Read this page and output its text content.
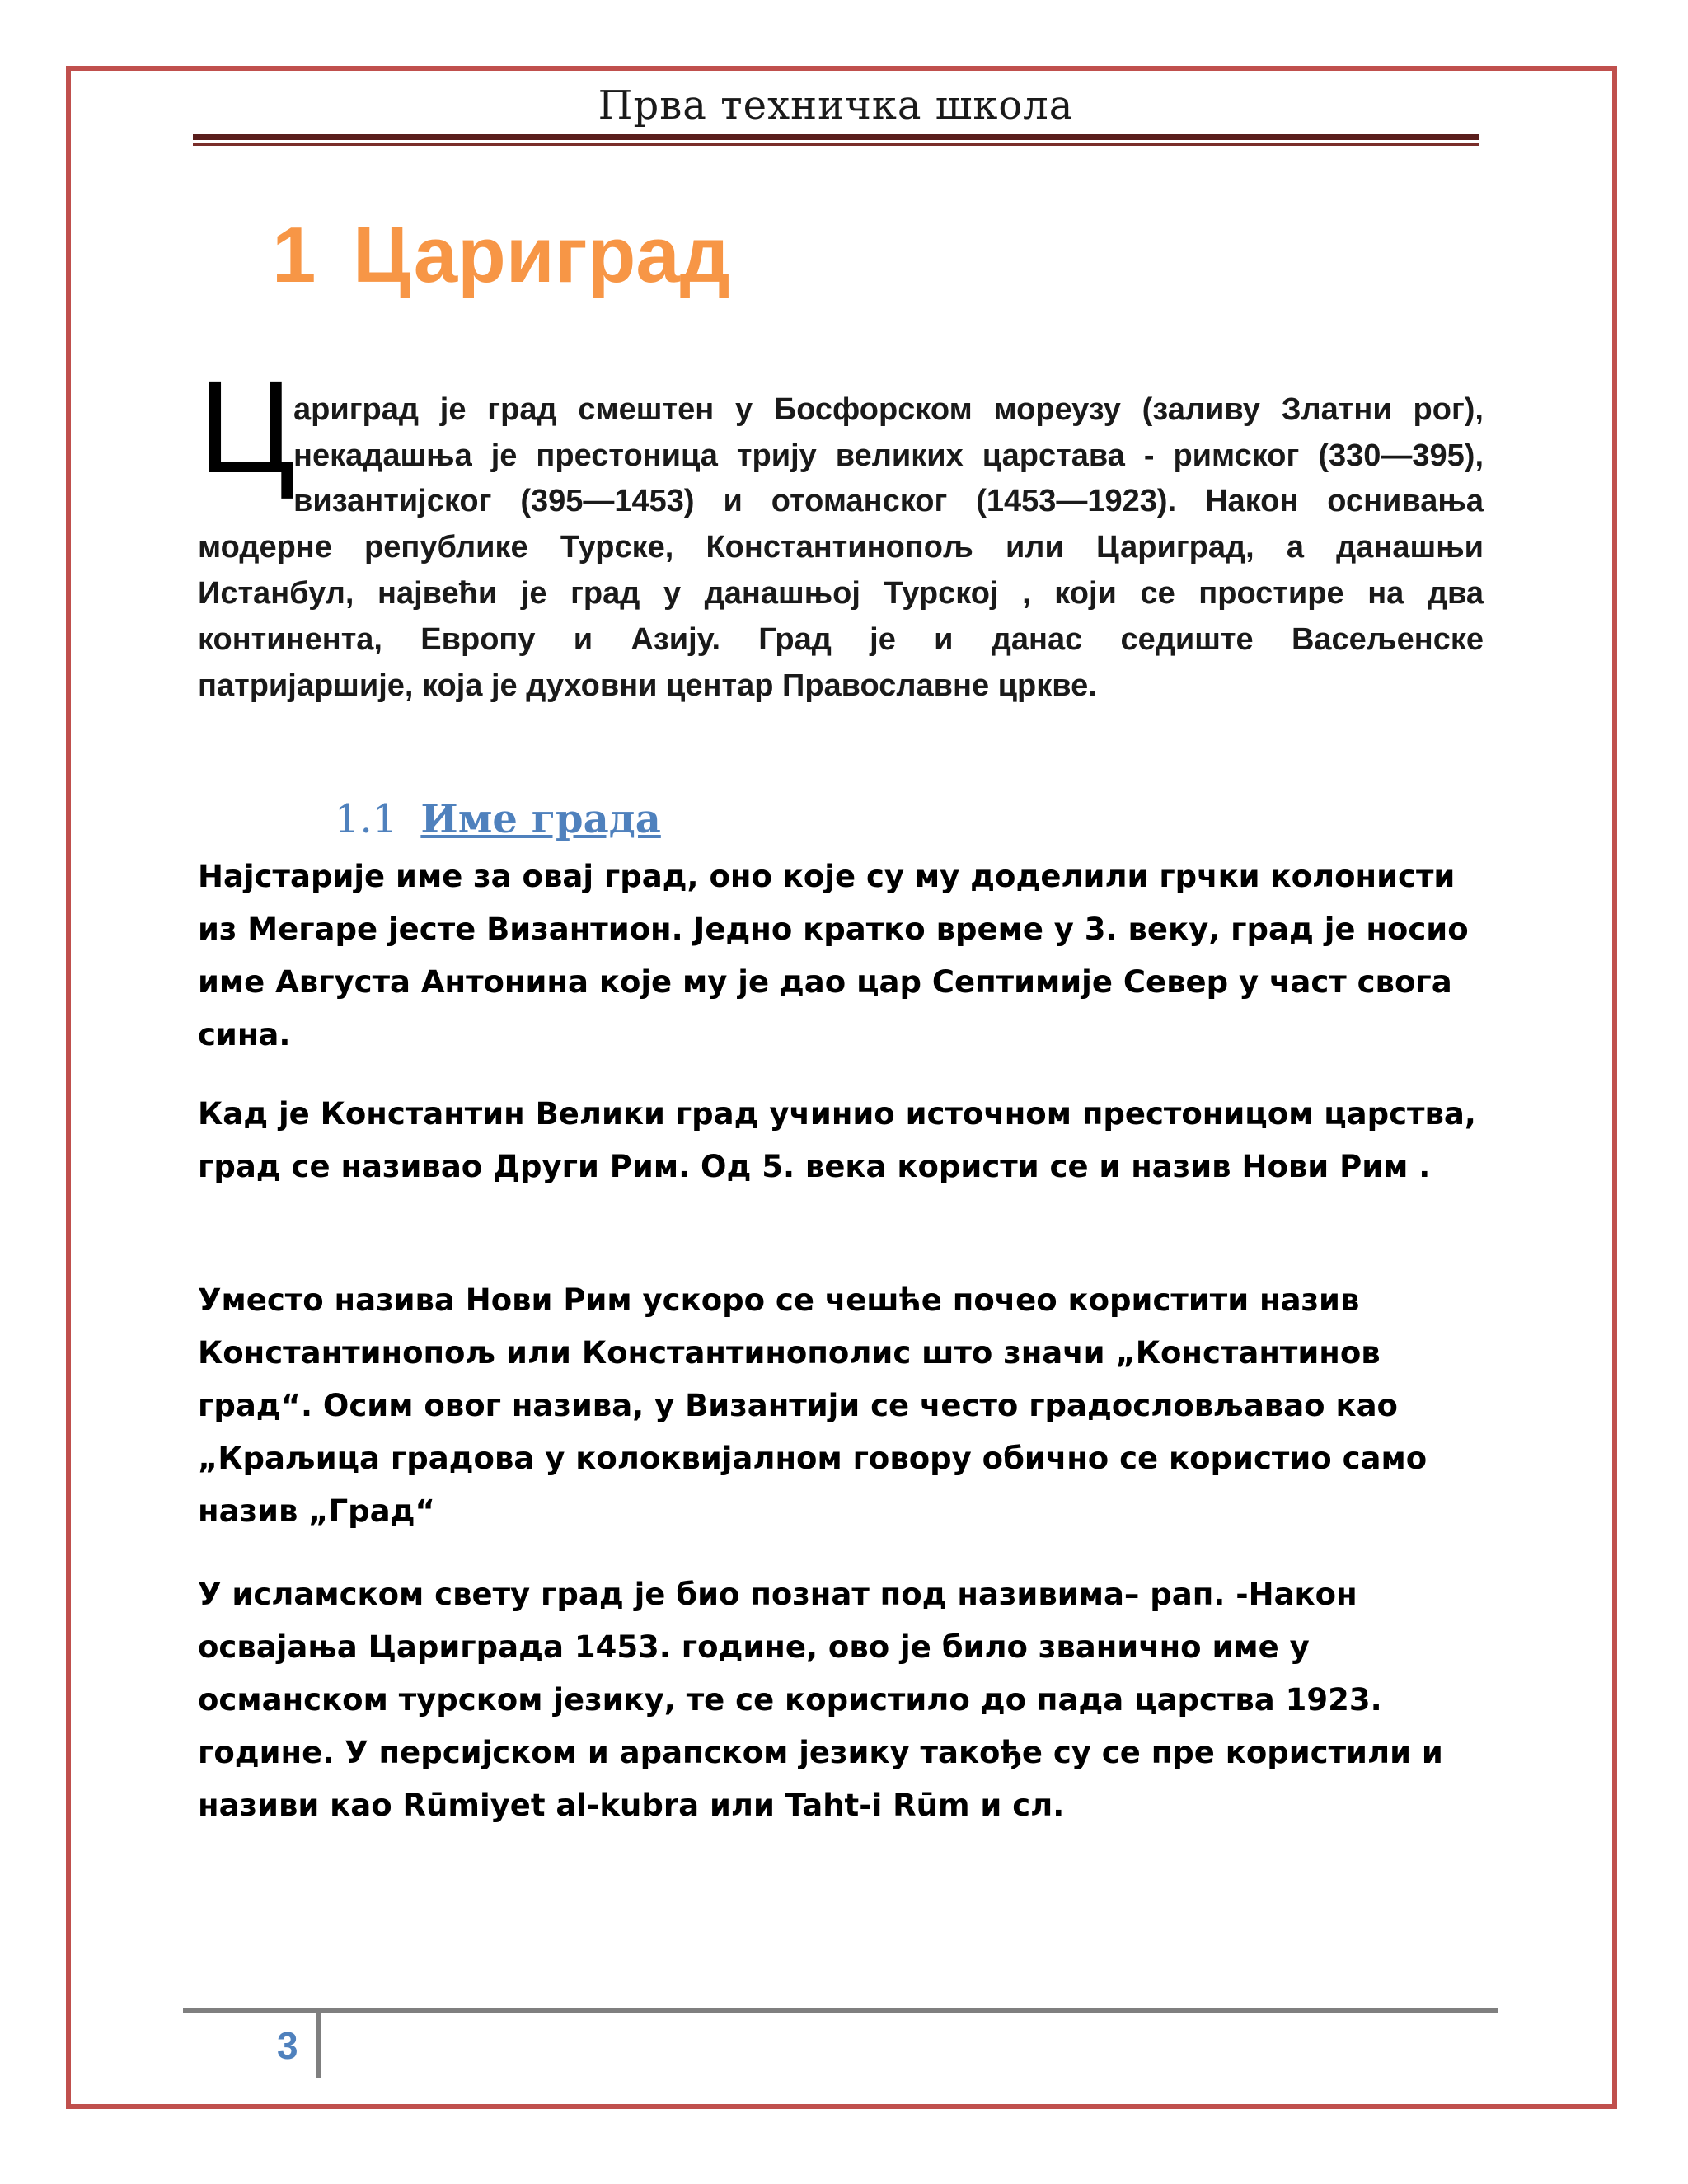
Прва техничка школа
1 Цариград
Ц
ариград је град смештен у Босфорском мореузу (заливу Златни рог),
некадашња је престоница трију великих царстава - римског (330—395),
византијског (395—1453) и отоманског (1453—1923). Након оснивања
модерне републике Турске, Константинопољ или Цариград, а данашњи
Истанбул, највећи је град у данашњој Турској , који се простире на два
континента, Европу и Азију. Град је и данас седиште Васељенске
патријаршије, која је духовни центар Православне цркве.
1.1 Име града
Најстарије име за овај град, оно које су му доделили грчки колонисти из Мегаре јесте Византион. Једно кратко време у 3. веку, град је носио име Августа Антонина које му је дао цар Септимије Север у част свога сина.
Кад је Константин Велики град учинио источном престоницом царства, град се називао Други Рим. Од 5. века користи се и назив Нови Рим .
Уместо назива Нови Рим ускоро се чешће почео користити назив Константинопољ или Константинополис што значи „Константинов град“. Осим овог назива, у Византији се често градословљавао као „Краљица градова у колоквијалном говору обично се користио само назив „Град“
У исламском свету град је био познат под називима– рап. -Након освајања Цариграда 1453. године, ово је било званично име у османском турском језику, те се користило до пада царства 1923. године. У персијском и арапском језику такође су се пре користили и називи као Rūmiyet al-kubra или Taht-i Rūm и сл.
3
